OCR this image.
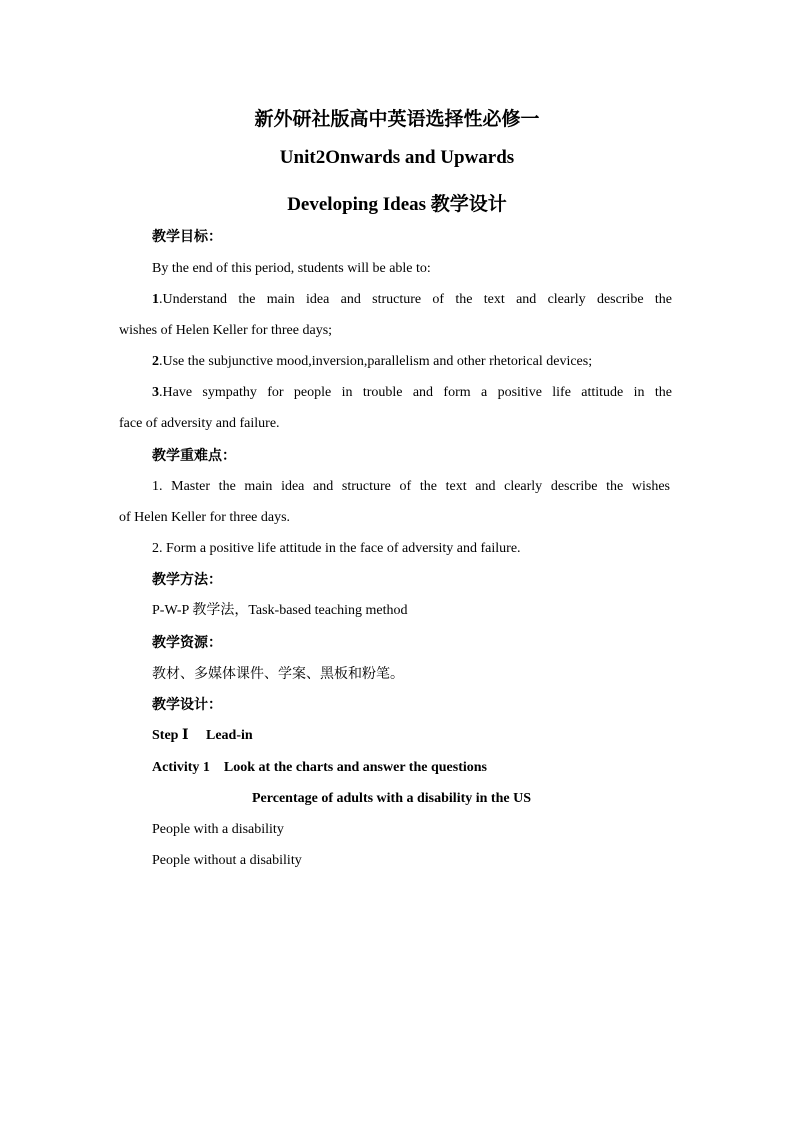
新外研社版高中英语选择性必修一
Unit2Onwards and Upwards
Developing Ideas 教学设计
教学目标：
By the end of this period, students will be able to:
1.Understand the main idea and structure of the text and clearly describe the
wishes of Helen Keller for three days;
2.Use the subjunctive mood,inversion,parallelism and other rhetorical devices;
3.Have sympathy for people in trouble and form a positive life attitude in the
face of adversity and failure.
教学重难点：
1. Master the main idea and structure of the text and clearly describe the wishes
of Helen Keller for three days.
2. Form a positive life attitude in the face of adversity and failure.
教学方法：
P-W-P 教学法，Task-based teaching method
教学资源：
教材、多媒体课件、学案、黑板和粉笔。
教学设计：
Step Ⅰ     Lead-in
Activity 1    Look at the charts and answer the questions
Percentage of adults with a disability in the US
People with a disability
People without a disability
